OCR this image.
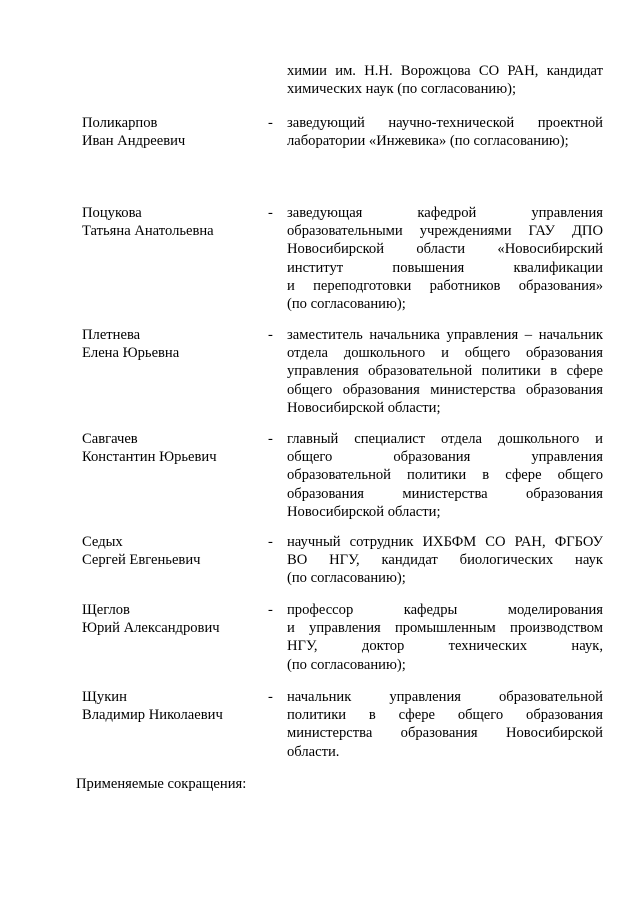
химии им. Н.Н. Ворожцова СО РАН, кандидат
химических наук (по согласованию);
Поликарпов
Иван Андреевич
- заведующий научно-технической проектной
лаборатории «Инжевика» (по согласованию);
Поцукова
Татьяна Анатольевна
- заведующая кафедрой управления
образовательными учреждениями ГАУ ДПО
Новосибирской области «Новосибирский
институт повышения квалификации
и переподготовки работников образования»
(по согласованию);
Плетнева
Елена Юрьевна
- заместитель начальника управления – начальник
отдела дошкольного и общего образования
управления образовательной политики в сфере
общего образования министерства образования
Новосибирской области;
Савгачев
Константин Юрьевич
- главный специалист отдела дошкольного и
общего образования управления
образовательной политики в сфере общего
образования министерства образования
Новосибирской области;
Седых
Сергей Евгеньевич
- научный сотрудник ИХБФМ СО РАН, ФГБОУ
ВО НГУ, кандидат биологических наук
(по согласованию);
Щеглов
Юрий Александрович
- профессор кафедры моделирования
и управления промышленным производством
НГУ, доктор технических наук,
(по согласованию);
Щукин
Владимир Николаевич
- начальник управления образовательной
политики в сфере общего образования
министерства образования Новосибирской
области.
Применяемые сокращения:
